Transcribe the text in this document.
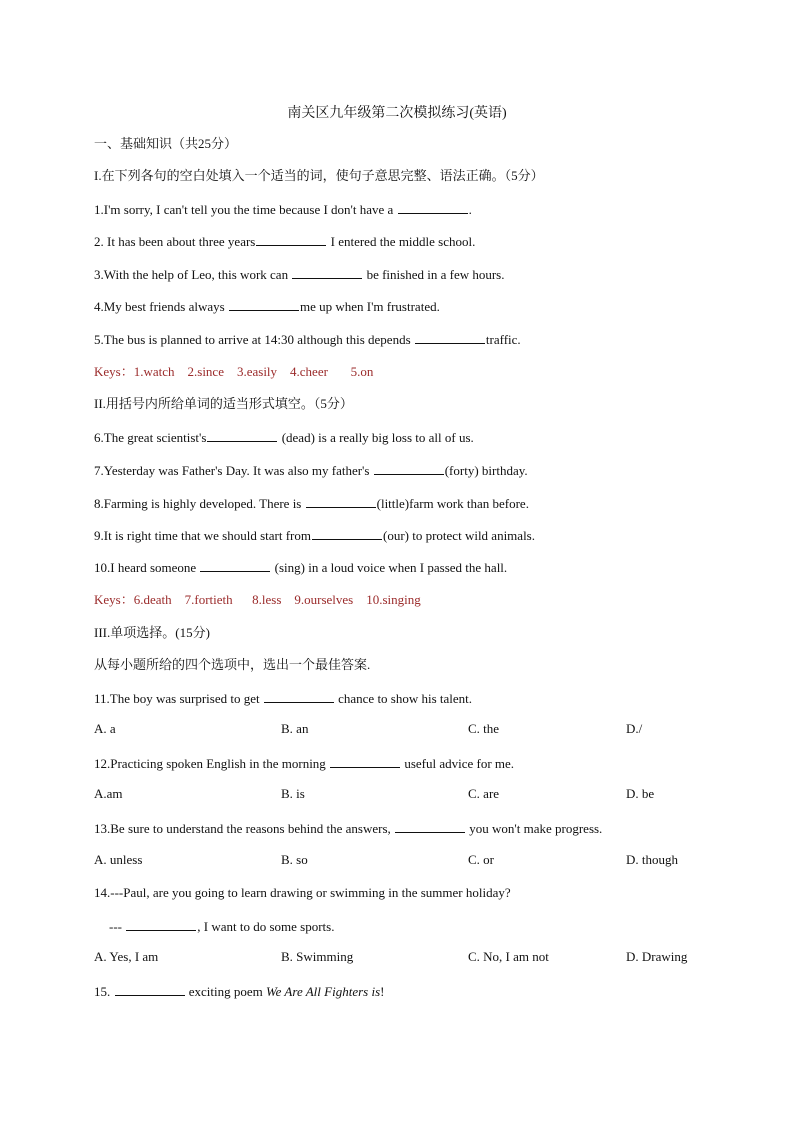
南关区九年级第二次模拟练习(英语)
一、基础知识（共25分）
I.在下列各句的空白处填入一个适当的词，使句子意思完整、语法正确。（5分）
1.I'm sorry, I can't tell you the time because I don't have a	.
2. It has been about three years	I entered the middle school.
3.With the help of Leo, this work can	be finished in a few hours.
4.My best friends always	me up when I'm frustrated.
5.The bus is planned to arrive at 14:30 although this depends	traffic.
Keys：1.watch    2.since    3.easily    4.cheer       5.on
II.用括号内所给单词的适当形式填空。（5分）
6.The great scientist's	(dead) is a really big loss to all of us.
7.Yesterday was Father's Day. It was also my father's	(forty) birthday.
8.Farming is highly developed. There is	(little)farm work than before.
9.It is right time that we should start from	(our) to protect wild animals.
10.I heard someone	(sing) in a loud voice when I passed the hall.
Keys：6.death    7.fortieth      8.less    9.ourselves    10.singing
III.单项选择。(15分)
从每小题所给的四个选项中，选出一个最佳答案.
11.The boy was surprised to get	chance to show his talent.
A. a	B. an	C. the	D./
12.Practicing spoken English in the morning	useful advice for me.
A.am	B. is	C. are	D. be
13.Be sure to understand the reasons behind the answers,	you won't make progress.
A. unless	B. so	C. or	D. though
14.---Paul, are you going to learn drawing or swimming in the summer holiday?
---	, I want to do some sports.
A. Yes, I am	B. Swimming	C. No, I am not	D. Drawing
15.	exciting poem We Are All Fighters is!
